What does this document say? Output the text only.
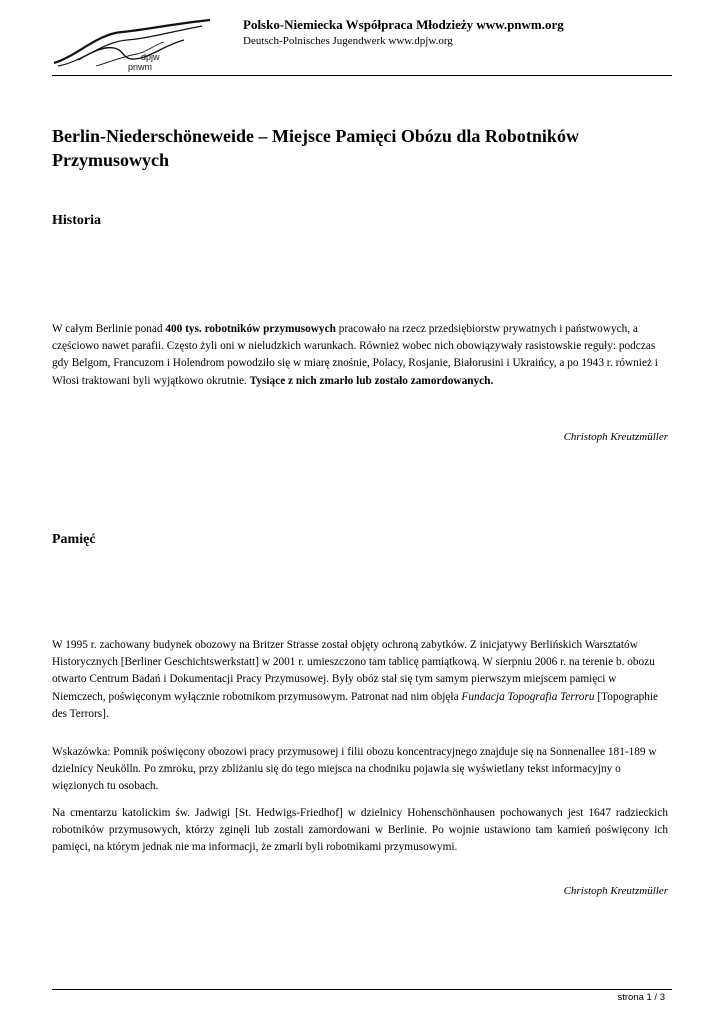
dpjw
pnwm
Polsko-Niemiecka Współpraca Młodzieży www.pnwm.org
Deutsch-Polnisches Jugendwerk www.dpjw.org
Berlin-Niederschöneweide – Miejsce Pamięci Obózu dla Robotników Przymusowych
Historia

W całym Berlinie ponad 400 tys. robotników przymusowych pracowało na rzecz przedsiębiorstw prywatnych i państwowych, a częściowo nawet parafii. Często żyli oni w nieludzkich warunkach. Również wobec nich obowiązywały rasistowskie reguły: podczas gdy Belgom, Francuzom i Holendrom powodziło się w miarę znośnie, Polacy, Rosjanie, Białorusini i Ukraińcy, a po 1943 r. również i Włosi traktowani byli wyjątkowo okrutnie. Tysiące z nich zmarło lub zostało zamordowanych.

Christoph Kreutzmüller
Pamięć

W 1995 r. zachowany budynek obozowy na Britzer Strasse został objęty ochroną zabytków. Z inicjatywy Berlińskich Warsztatów Historycznych [Berliner Geschichtswerkstatt] w 2001 r. umieszczono tam tablicę pamiątkową. W sierpniu 2006 r. na terenie b. obozu otwarto Centrum Badań i Dokumentacji Pracy Przymusowej. Były obóz stał się tym samym pierwszym miejscem pamięci w Niemczech, poświęconym wyłącznie robotnikom przymusowym. Patronat nad nim objęła Fundacja Topografia Terroru [Topographie des Terrors].

Wskazówka: Pomnik poświęcony obozowi pracy przymusowej i filii obozu koncentracyjnego znajduje się na Sonnenallee 181-189 w dzielnicy Neukölln. Po zmroku, przy zbliżaniu się do tego miejsca na chodniku pojawia się wyświetlany tekst informacyjny o więzionych tu osobach.

Na cmentarzu katolickim św. Jadwigi [St. Hedwigs-Friedhof] w dzielnicy Hohenschönhausen pochowanych jest 1647 radzieckich robotników przymusowych, którzy zginęli lub zostali zamordowani w Berlinie. Po wojnie ustawiono tam kamień poświęcony ich pamięci, na którym jednak nie ma informacji, że zmarli byli robotnikami przymusowymi.

Christoph Kreutzmüller
strona 1 / 3
